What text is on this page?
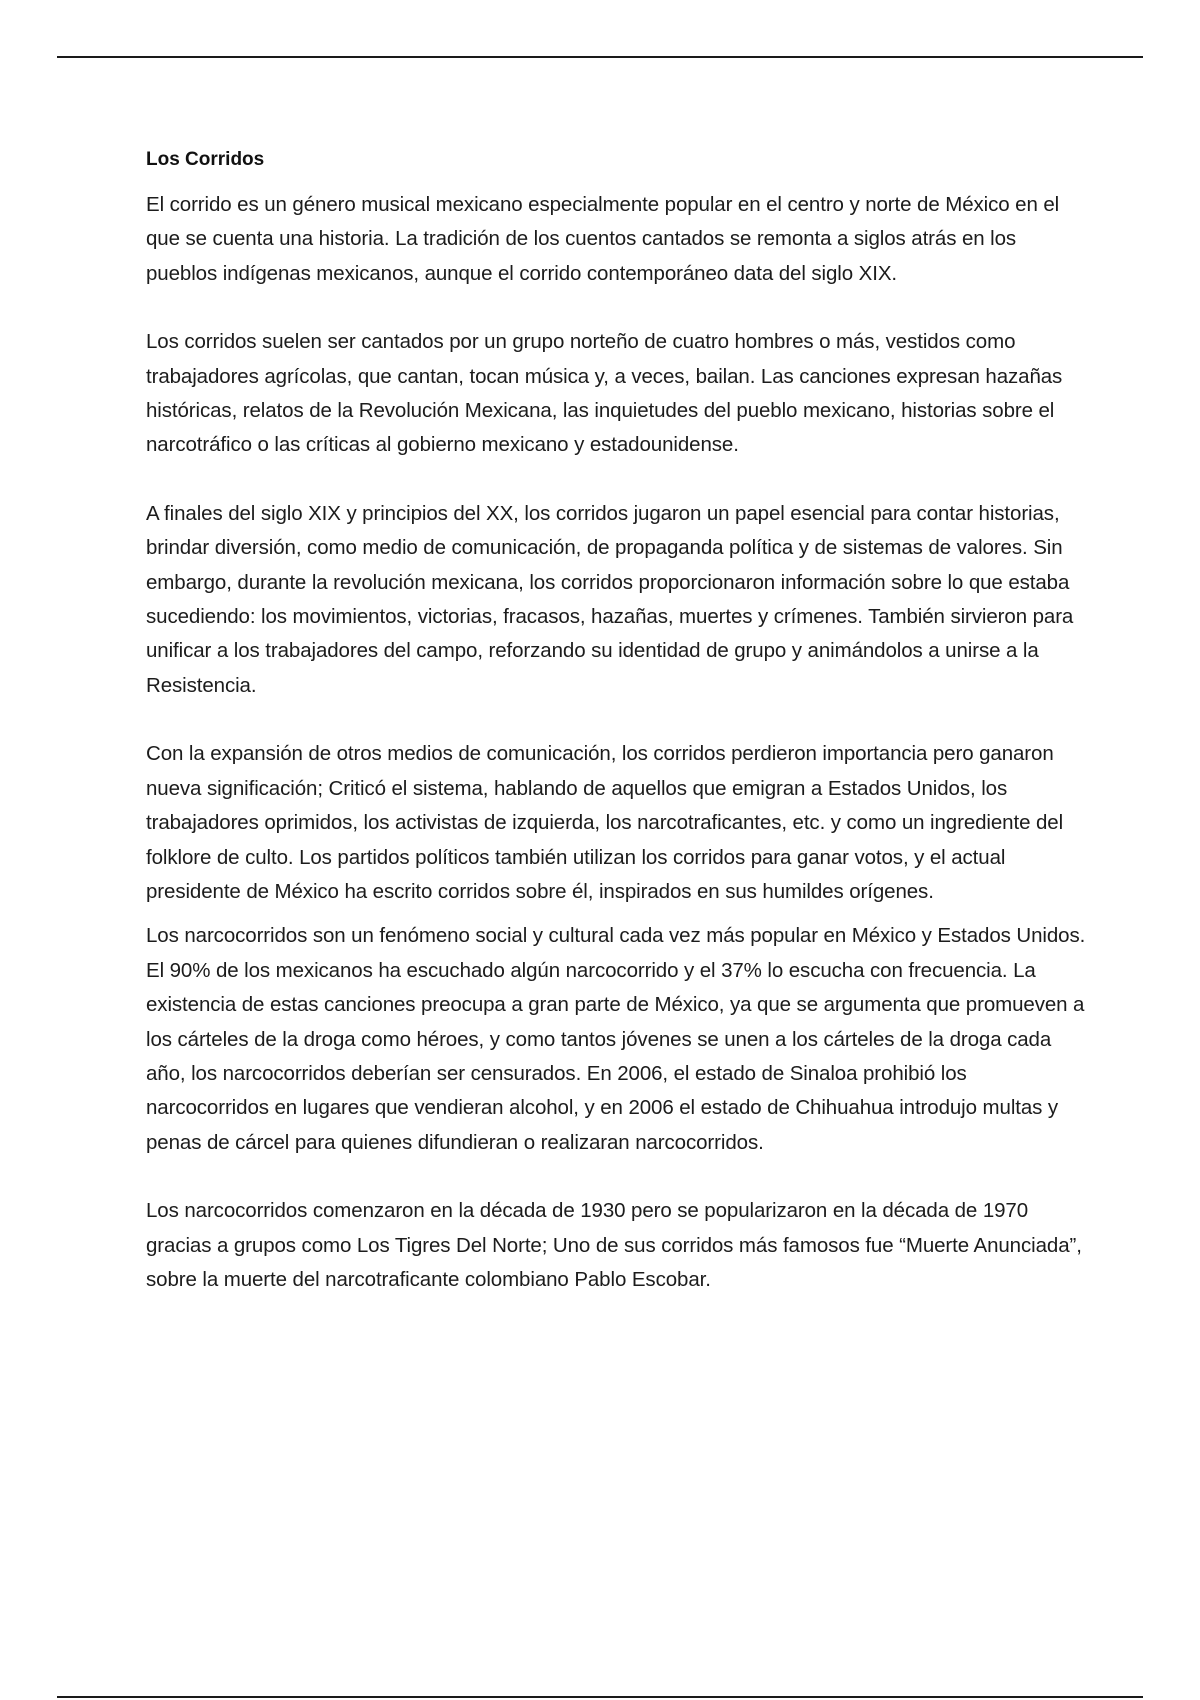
Los Corridos

El corrido es un género musical mexicano especialmente popular en el centro y norte de México en el que se cuenta una historia. La tradición de los cuentos cantados se remonta a siglos atrás en los pueblos indígenas mexicanos, aunque el corrido contemporáneo data del siglo XIX.

Los corridos suelen ser cantados por un grupo norteño de cuatro hombres o más, vestidos como trabajadores agrícolas, que cantan, tocan música y, a veces, bailan. Las canciones expresan hazañas históricas, relatos de la Revolución Mexicana, las inquietudes del pueblo mexicano, historias sobre el narcotráfico o las críticas al gobierno mexicano y estadounidense.

A finales del siglo XIX y principios del XX, los corridos jugaron un papel esencial para contar historias, brindar diversión, como medio de comunicación, de propaganda política y de sistemas de valores. Sin embargo, durante la revolución mexicana, los corridos proporcionaron información sobre lo que estaba sucediendo: los movimientos, victorias, fracasos, hazañas, muertes y crímenes. También sirvieron para unificar a los trabajadores del campo, reforzando su identidad de grupo y animándolos a unirse a la Resistencia.

Con la expansión de otros medios de comunicación, los corridos perdieron importancia pero ganaron nueva significación; Criticó el sistema, hablando de aquellos que emigran a Estados Unidos, los trabajadores oprimidos, los activistas de izquierda, los narcotraficantes, etc. y como un ingrediente del folklore de culto. Los partidos políticos también utilizan los corridos para ganar votos, y el actual presidente de México ha escrito corridos sobre él, inspirados en sus humildes orígenes.

Los narcocorridos son un fenómeno social y cultural cada vez más popular en México y Estados Unidos. El 90% de los mexicanos ha escuchado algún narcocorrido y el 37% lo escucha con frecuencia. La existencia de estas canciones preocupa a gran parte de México, ya que se argumenta que promueven a los cárteles de la droga como héroes, y como tantos jóvenes se unen a los cárteles de la droga cada año, los narcocorridos deberían ser censurados. En 2006, el estado de Sinaloa prohibió los narcocorridos en lugares que vendieran alcohol, y en 2006 el estado de Chihuahua introdujo multas y penas de cárcel para quienes difundieran o realizaran narcocorridos.

Los narcocorridos comenzaron en la década de 1930 pero se popularizaron en la década de 1970 gracias a grupos como Los Tigres Del Norte; Uno de sus corridos más famosos fue “Muerte Anunciada”, sobre la muerte del narcotraficante colombiano Pablo Escobar.
